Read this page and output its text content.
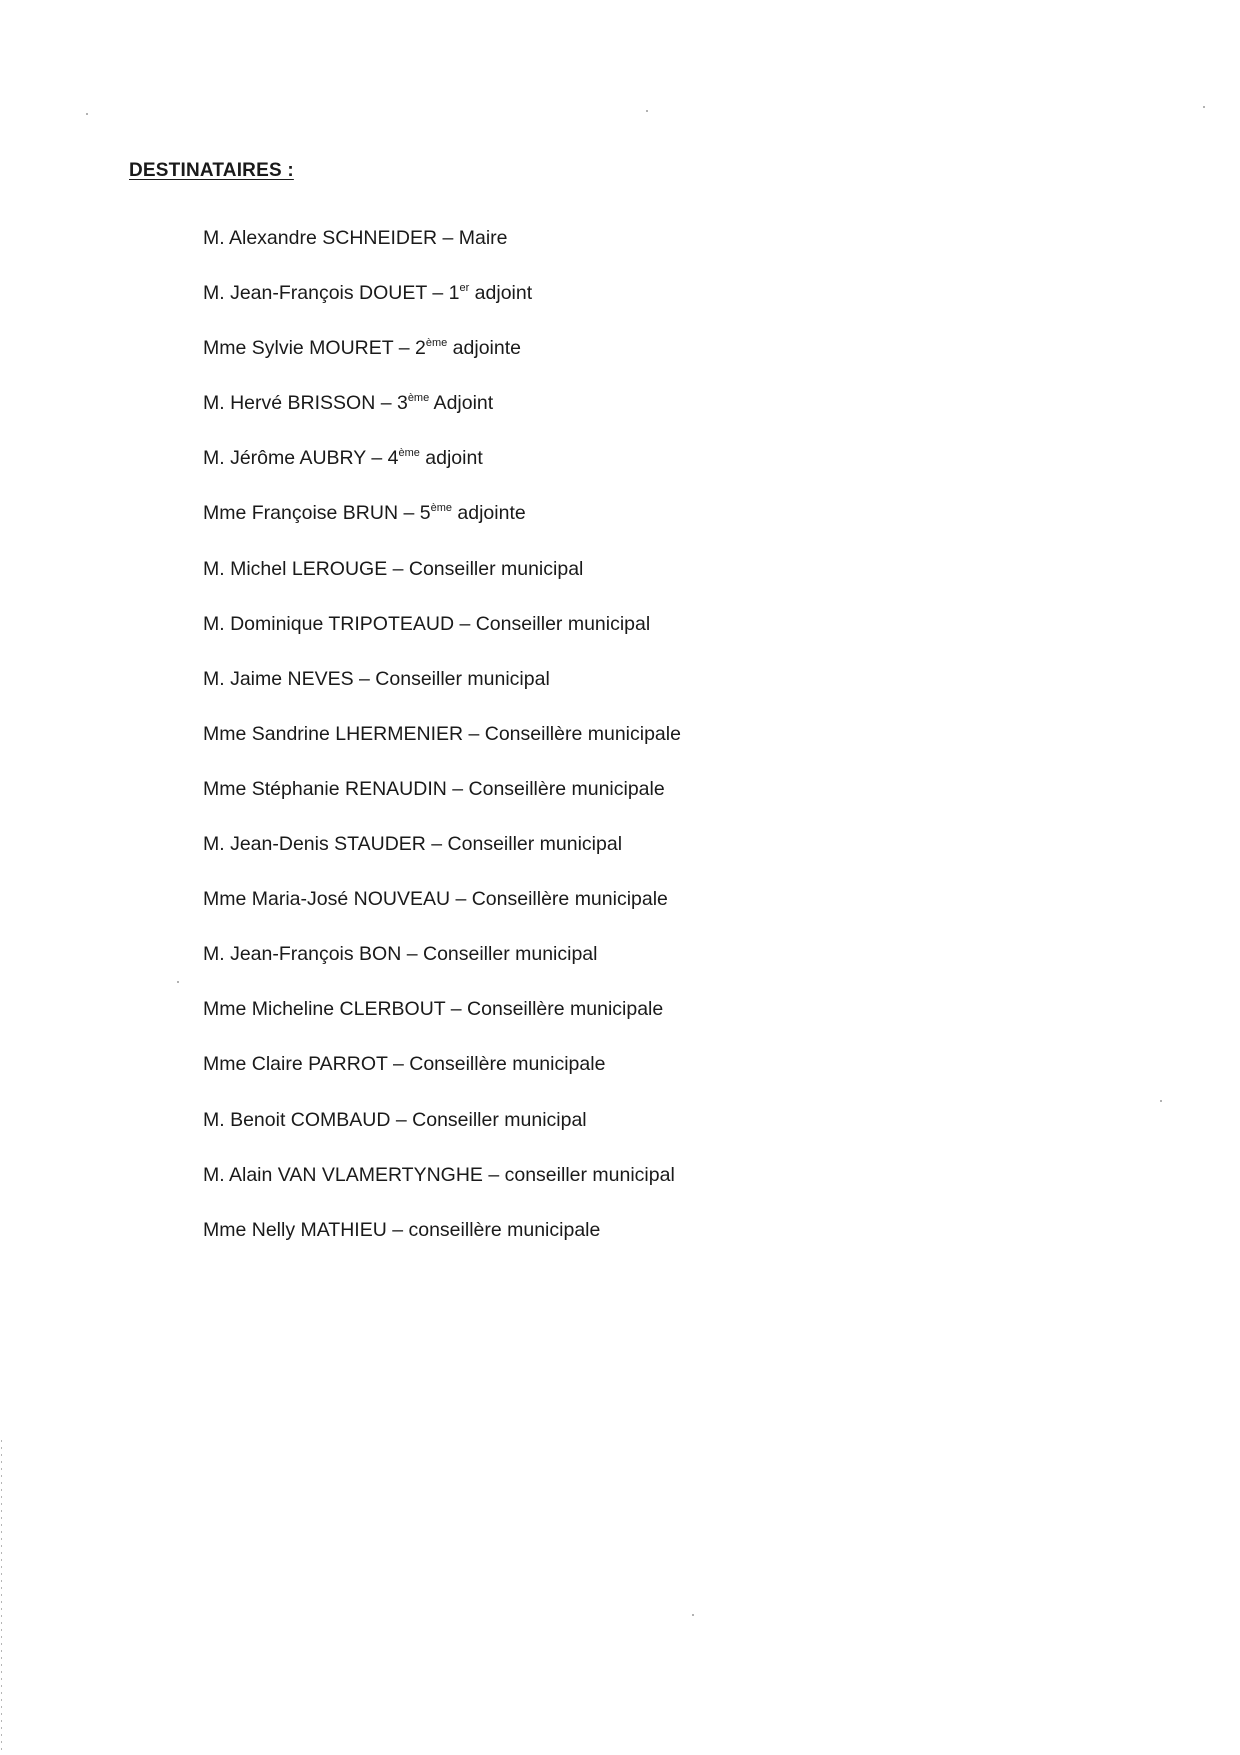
DESTINATAIRES :
M. Alexandre SCHNEIDER – Maire
M. Jean-François DOUET – 1er adjoint
Mme Sylvie MOURET – 2ème adjointe
M. Hervé BRISSON – 3ème Adjoint
M. Jérôme AUBRY – 4ème adjoint
Mme Françoise BRUN – 5ème adjointe
M. Michel LEROUGE – Conseiller municipal
M. Dominique TRIPOTEAUD – Conseiller municipal
M. Jaime NEVES – Conseiller municipal
Mme Sandrine LHERMENIER – Conseillère municipale
Mme Stéphanie RENAUDIN – Conseillère municipale
M. Jean-Denis STAUDER – Conseiller municipal
Mme Maria-José NOUVEAU – Conseillère municipale
M. Jean-François BON – Conseiller municipal
Mme Micheline CLERBOUT – Conseillère municipale
Mme Claire PARROT – Conseillère municipale
M. Benoit COMBAUD – Conseiller municipal
M. Alain VAN VLAMERTYNGHE – conseiller municipal
Mme Nelly MATHIEU – conseillère municipale
